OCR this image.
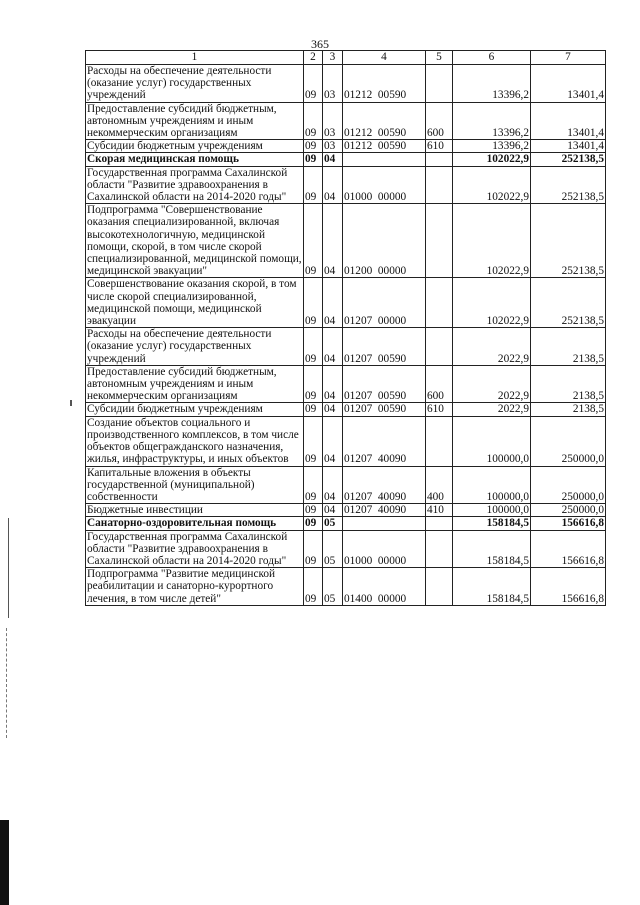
365
1	2	3	4	5	6	7
Расходы на обеспечение деятельности (оказание услуг) государственных учреждений	09	03	01212  00590		13396,2	13401,4
Предоставление субсидий бюджетным, автономным учреждениям и иным некоммерческим организациям	09	03	01212  00590	600	13396,2	13401,4
Субсидии бюджетным учреждениям	09	03	01212  00590	610	13396,2	13401,4
Скорая медицинская помощь	09	04			102022,9	252138,5
Государственная программа Сахалинской области "Развитие здравоохранения в Сахалинской области на 2014-2020 годы"	09	04	01000  00000		102022,9	252138,5
Подпрограмма "Совершенствование оказания специализированной, включая высокотехнологичную, медицинской помощи, скорой, в том числе скорой специализированной, медицинской помощи, медицинской эвакуации"	09	04	01200  00000		102022,9	252138,5
Совершенствование оказания скорой, в том числе скорой специализированной, медицинской помощи, медицинской эвакуации	09	04	01207  00000		102022,9	252138,5
Расходы на обеспечение деятельности (оказание услуг) государственных учреждений	09	04	01207  00590		2022,9	2138,5
Предоставление субсидий бюджетным, автономным учреждениям и иным некоммерческим организациям	09	04	01207  00590	600	2022,9	2138,5
Субсидии бюджетным учреждениям	09	04	01207  00590	610	2022,9	2138,5
Создание объектов социального и производственного комплексов, в том числе объектов общегражданского назначения, жилья, инфраструктуры, и иных объектов	09	04	01207  40090		100000,0	250000,0
Капитальные вложения в объекты государственной (муниципальной) собственности	09	04	01207  40090	400	100000,0	250000,0
Бюджетные инвестиции	09	04	01207  40090	410	100000,0	250000,0
Санаторно-оздоровительная помощь	09	05			158184,5	156616,8
Государственная программа Сахалинской области "Развитие здравоохранения в Сахалинской области на 2014-2020 годы"	09	05	01000  00000		158184,5	156616,8
Подпрограмма "Развитие медицинской реабилитации и санаторно-курортного лечения, в том числе детей"	09	05	01400  00000		158184,5	156616,8
